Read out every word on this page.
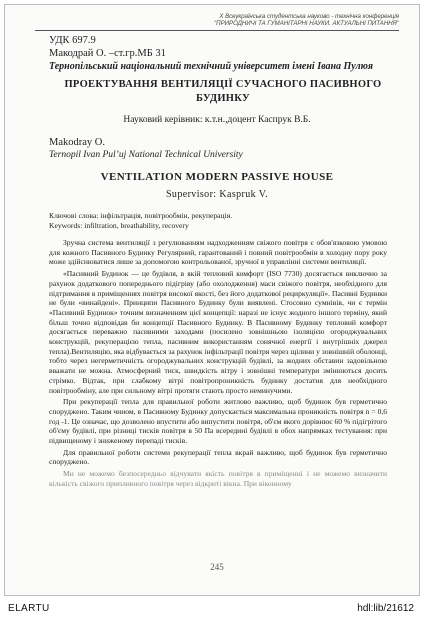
X Всеукраїнська студентська науково - технічна конференція
"ПРИРОДНИЧІ ТА ГУМАНІТАРНІ НАУКИ. АКТУАЛЬНІ ПИТАННЯ"
УДК 697.9
Макодрай О. –ст.гр.МБ 31
Тернопільський національний технічний університет імені Івана Пулюя
ПРОЕКТУВАННЯ ВЕНТИЛЯЦІЇ СУЧАСНОГО ПАСИВНОГО БУДИНКУ
Науковий керівник: к.т.н.,доцент Каспрук В.Б.
Makodray O.
Ternopil Ivan Pul’uj National Technical University
VENTILATION MODERN PASSIVE HOUSE
Supervisor: Kaspruk V.
Ключові слова: інфільтрація, повітрообмін, рекуперація.
Keywords: infiltration, breathability, recovery

Зручна система вентиляції з регулюванням надходженням свіжого повітря є обов'язковою умовою для кожного Пасивного Будинку Регулярний, гарантований і повний повітрообмін в холодну пору року може здійснюватися лише за допомогою контрольованої, зручної в управлінні системи вентиляції.

«Пасивний Будинок — це будівля, в якій тепловий комфорт (ISO 7730) досягається виключно за рахунок додаткового попереднього підігріву (або охолодження) маси свіжого повітря, необхідного для підтримання в приміщеннях повітря високої якості, без його додаткової рециркуляції». Пасивні Будинки не були «винайдені». Принципи Пасивного Будинку були виявлені. Стосовно сумнівів, чи є термін «Пасивний Будинок» точним визначенням цієї концепції: наразі не існує жодного іншого терміну, який більш точно відповідав би концепції Пасивного Будинку. В Пасивному Будинку тепловий комфорт досягається переважно пасивними заходами (посилено зовнішньою ізоляцією огороджувальних конструкцій, рекуперацією тепла, пасивним використанням сонячної енергії і внутрішніх джерел тепла).Вентиляцію, яка відбувається за рахунок інфільтрації повітря через щілини у зовнішній оболонці, тобто через негерметичність огороджувальних конструкцій будівлі, за жодних обставин задовільною вважати не можна. Атмосферний тиск, швидкість вітру і зовнішні температури змінюються досить стрімко. Відтак, при слабкому вітрі повітропроникність будинку достатня для необхідного повітрообміну, але при сильному вітрі протяги стають просто неминучими.

При рекуперації тепла для правильної роботи житлово важливо, щоб будинок був герметично споруджено. Таким чином, в Пасивному Будинку допускається максимальна проникність повітря n = 0,6 год -1. Це означає, що дозволено впустити або випустити повітря, об'єм якого дорівнює 60 % підігрітого об'єму будівлі, при різниці тисків повітря в 50 Па всередині будівлі в обох напрямках тестування: при підвищеному і зниженому перепаді тисків.

Для правильної роботи системи рекуперації тепла вкрай важливо, щоб будинок був герметично споруджено.

Ми не можемо безпосередньо відчувати якість повітря в приміщенні і не можемо визначити кількість свіжого припливного повітря через відкриті вікна. При віконному

245
ELARTU	hdl:lib/21612
